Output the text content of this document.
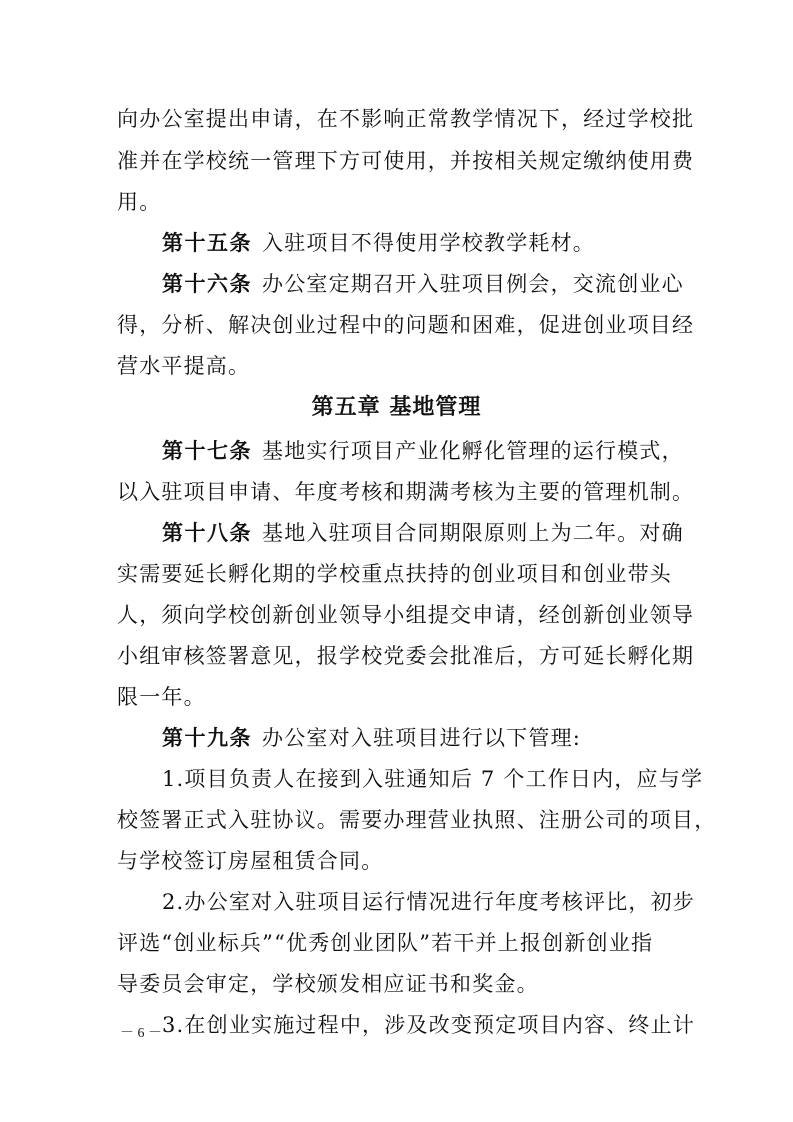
向办公室提出申请，在不影响正常教学情况下，经过学校批
准并在学校统一管理下方可使用，并按相关规定缴纳使用费
用。
第十五条 入驻项目不得使用学校教学耗材。
第十六条 办公室定期召开入驻项目例会，交流创业心
得，分析、解决创业过程中的问题和困难，促进创业项目经
营水平提高。
第五章 基地管理
第十七条 基地实行项目产业化孵化管理的运行模式，
以入驻项目申请、年度考核和期满考核为主要的管理机制。
第十八条 基地入驻项目合同期限原则上为二年。对确
实需要延长孵化期的学校重点扶持的创业项目和创业带头
人，须向学校创新创业领导小组提交申请，经创新创业领导
小组审核签署意见，报学校党委会批准后，方可延长孵化期
限一年。
第十九条 办公室对入驻项目进行以下管理:
1.项目负责人在接到入驻通知后 7 个工作日内，应与学
校签署正式入驻协议。需要办理营业执照、注册公司的项目，
与学校签订房屋租赁合同。
2.办公室对入驻项目运行情况进行年度考核评比，初步
评选“创业标兵”“优秀创业团队”若干并上报创新创业指
导委员会审定，学校颁发相应证书和奖金。
3.在创业实施过程中，涉及改变预定项目内容、终止计
－ 6 －
